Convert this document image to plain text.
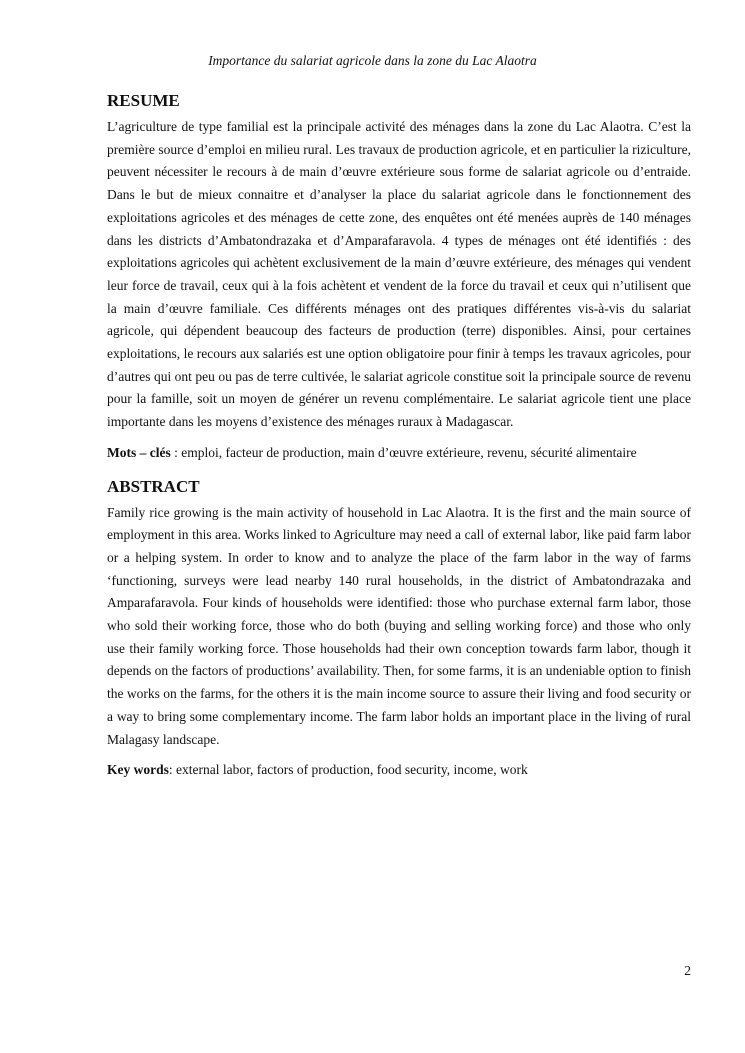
Importance du salariat agricole dans la zone du Lac Alaotra
RESUME

L’agriculture de type familial est la principale activité des ménages dans la zone du Lac Alaotra. C’est la première source d’emploi en milieu rural. Les travaux de production agricole, et en particulier la riziculture, peuvent nécessiter le recours à de main d’œuvre extérieure sous forme de salariat agricole ou d’entraide. Dans le but de mieux connaitre et d’analyser la place du salariat agricole dans le fonctionnement des exploitations agricoles et des ménages de cette zone, des enquêtes ont été menées auprès de 140 ménages dans les districts d’Ambatondrazaka et d’Amparafaravola. 4 types de ménages ont été identifiés : des exploitations agricoles qui achètent exclusivement de la main d’œuvre extérieure, des ménages qui vendent leur force de travail, ceux qui à la fois achètent et vendent de la force du travail et ceux qui n’utilisent que la main d’œuvre familiale. Ces différents ménages ont des pratiques différentes vis-à-vis du salariat agricole, qui dépendent beaucoup des facteurs de production (terre) disponibles. Ainsi, pour certaines exploitations, le recours aux salariés est une option obligatoire pour finir à temps les travaux agricoles, pour d’autres qui ont peu ou pas de terre cultivée, le salariat agricole constitue soit la principale source de revenu pour la famille, soit un moyen de générer un revenu complémentaire. Le salariat agricole tient une place importante dans les moyens d’existence des ménages ruraux à Madagascar.

Mots – clés : emploi, facteur de production, main d’œuvre extérieure, revenu, sécurité alimentaire

ABSTRACT

Family rice growing is the main activity of household in Lac Alaotra. It is the first and the main source of employment in this area. Works linked to Agriculture may need a call of external labor, like paid farm labor or a helping system. In order to know and to analyze the place of the farm labor in the way of farms ‘functioning, surveys were lead nearby 140 rural households, in the district of Ambatondrazaka and Amparafaravola. Four kinds of households were identified: those who purchase external farm labor, those who sold their working force, those who do both (buying and selling working force) and those who only use their family working force. Those households had their own conception towards farm labor, though it depends on the factors of productions’ availability. Then, for some farms, it is an undeniable option to finish the works on the farms, for the others it is the main income source to assure their living and food security or a way to bring some complementary income. The farm labor holds an important place in the living of rural Malagasy landscape.

Key words: external labor, factors of production, food security, income, work

2
